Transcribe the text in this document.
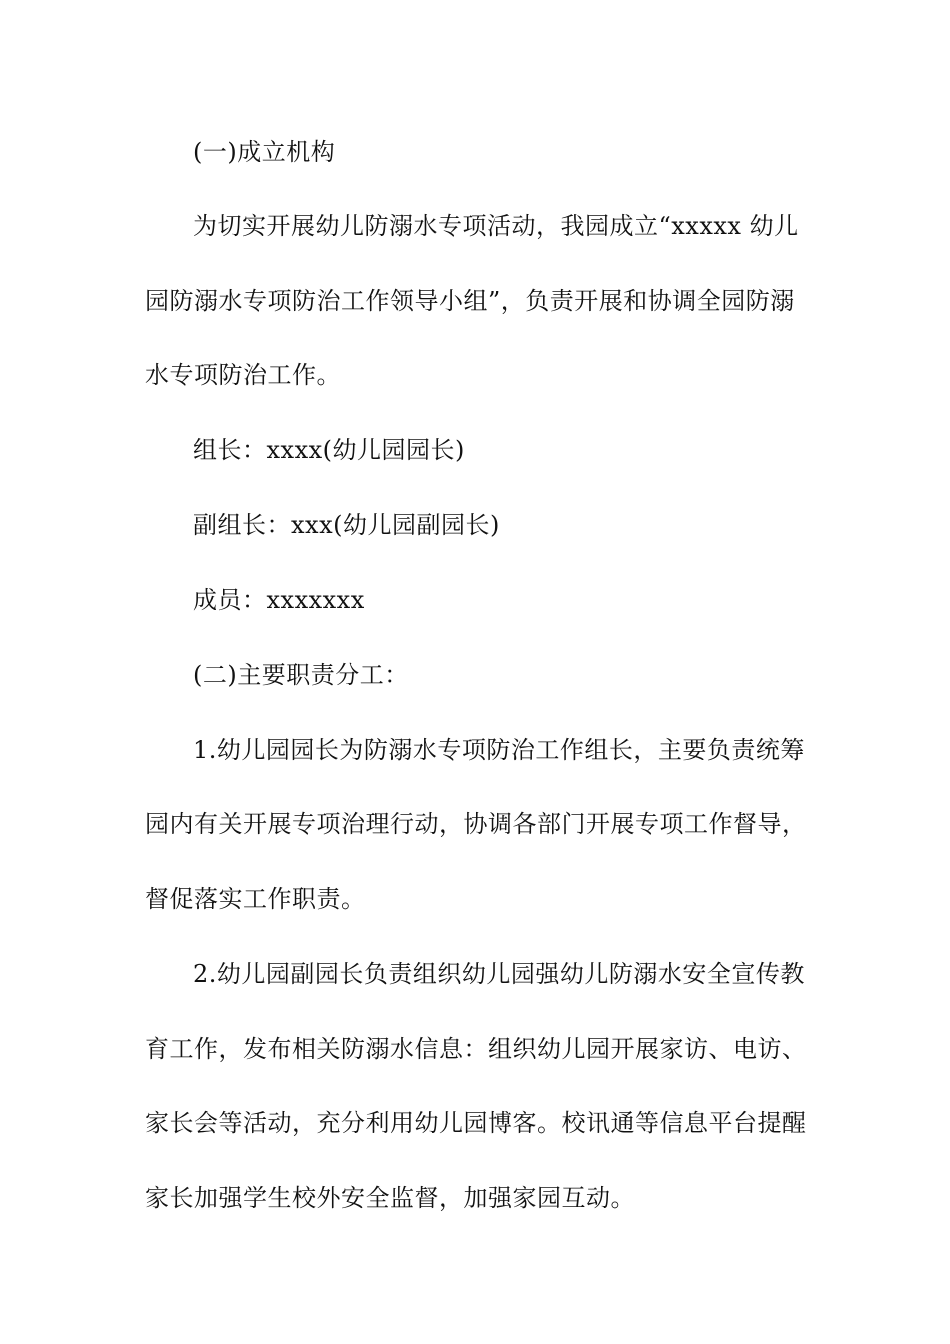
(一)成立机构

为切实开展幼儿防溺水专项活动，我园成立“xxxxx 幼儿

园防溺水专项防治工作领导小组”，负责开展和协调全园防溺

水专项防治工作。

组长：xxxx(幼儿园园长)

副组长：xxx(幼儿园副园长)

成员：xxxxxxx

(二)主要职责分工：

1.幼儿园园长为防溺水专项防治工作组长，主要负责统筹

园内有关开展专项治理行动，协调各部门开展专项工作督导，

督促落实工作职责。

2.幼儿园副园长负责组织幼儿园强幼儿防溺水安全宣传教

育工作，发布相关防溺水信息：组织幼儿园开展家访、电访、

家长会等活动，充分利用幼儿园博客。校讯通等信息平台提醒

家长加强学生校外安全监督，加强家园互动。
